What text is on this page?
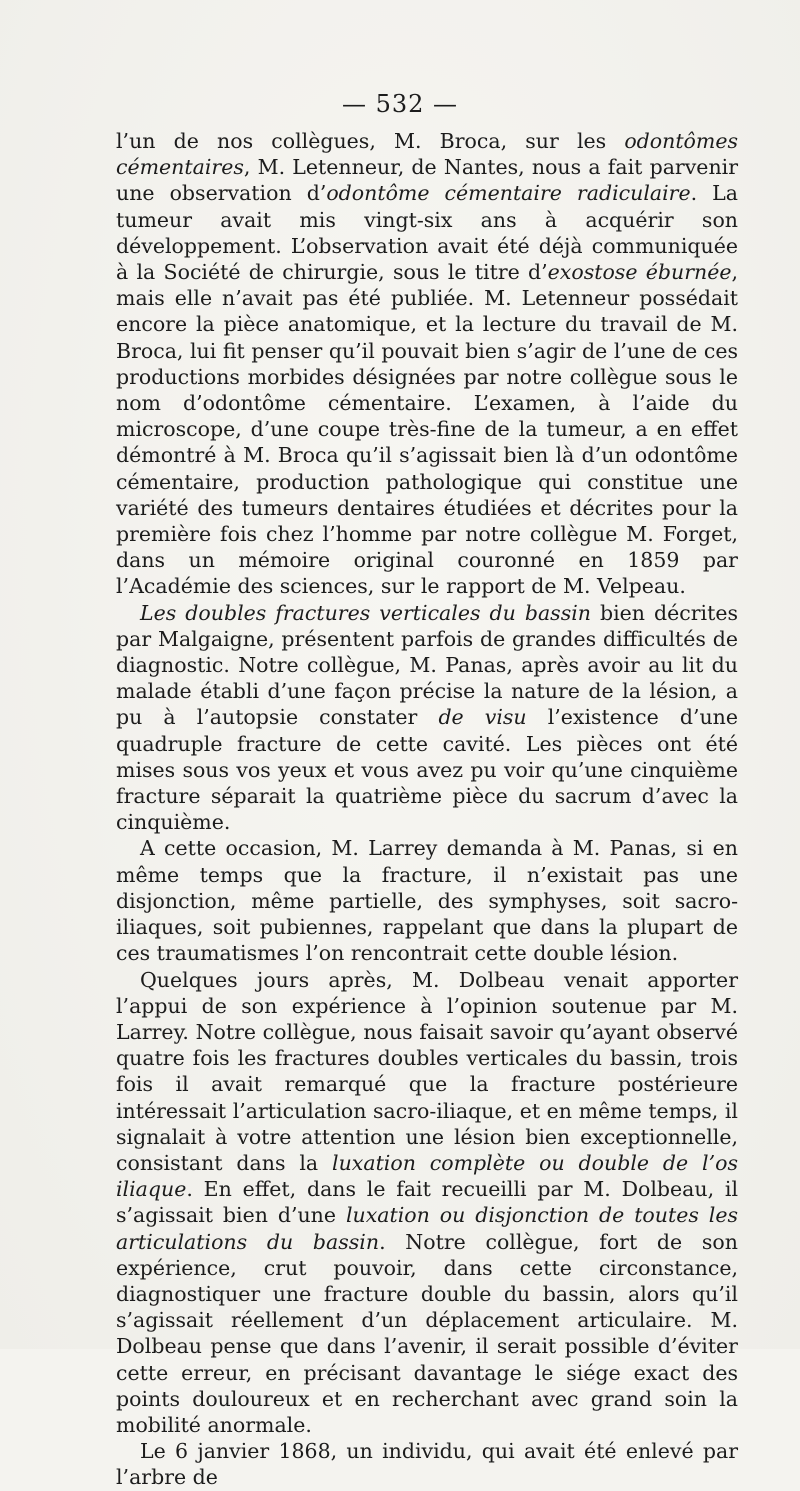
— 532 —

l’un de nos collègues, M. Broca, sur les odontômes cémentaires, M. Letenneur, de Nantes, nous a fait parvenir une observation d’odontôme cémentaire radiculaire. La tumeur avait mis vingt-six ans à acquérir son développement. L’observation avait été déjà communiquée à la Société de chirurgie, sous le titre d’exostose éburnée, mais elle n’avait pas été publiée. M. Letenneur possédait encore la pièce anatomique, et la lecture du travail de M. Broca, lui fit penser qu’il pouvait bien s’agir de l’une de ces productions morbides désignées par notre collègue sous le nom d’odontôme cémentaire. L’examen, à l’aide du microscope, d’une coupe très-fine de la tumeur, a en effet démontré à M. Broca qu’il s’agissait bien là d’un odontôme cémentaire, production pathologique qui constitue une variété des tumeurs dentaires étudiées et décrites pour la première fois chez l’homme par notre collègue M. Forget, dans un mémoire original couronné en 1859 par l’Académie des sciences, sur le rapport de M. Velpeau.

Les doubles fractures verticales du bassin bien décrites par Malgaigne, présentent parfois de grandes difficultés de diagnostic. Notre collègue, M. Panas, après avoir au lit du malade établi d’une façon précise la nature de la lésion, a pu à l’autopsie constater de visu l’existence d’une quadruple fracture de cette cavité. Les pièces ont été mises sous vos yeux et vous avez pu voir qu’une cinquième fracture séparait la quatrième pièce du sacrum d’avec la cinquième.

A cette occasion, M. Larrey demanda à M. Panas, si en même temps que la fracture, il n’existait pas une disjonction, même partielle, des symphyses, soit sacro-iliaques, soit pubiennes, rappelant que dans la plupart de ces traumatismes l’on rencontrait cette double lésion.

Quelques jours après, M. Dolbeau venait apporter l’appui de son expérience à l’opinion soutenue par M. Larrey. Notre collègue, nous faisait savoir qu’ayant observé quatre fois les fractures doubles verticales du bassin, trois fois il avait remarqué que la fracture postérieure intéressait l’articulation sacro-iliaque, et en même temps, il signalait à votre attention une lésion bien exceptionnelle, consistant dans la luxation complète ou double de l’os iliaque. En effet, dans le fait recueilli par M. Dolbeau, il s’agissait bien d’une luxation ou disjonction de toutes les articulations du bassin. Notre collègue, fort de son expérience, crut pouvoir, dans cette circonstance, diagnostiquer une fracture double du bassin, alors qu’il s’agissait réellement d’un déplacement articulaire. M. Dolbeau pense que dans l’avenir, il serait possible d’éviter cette erreur, en précisant davantage le siége exact des points douloureux et en recherchant avec grand soin la mobilité anormale.

Le 6 janvier 1868, un individu, qui avait été enlevé par l’arbre de
